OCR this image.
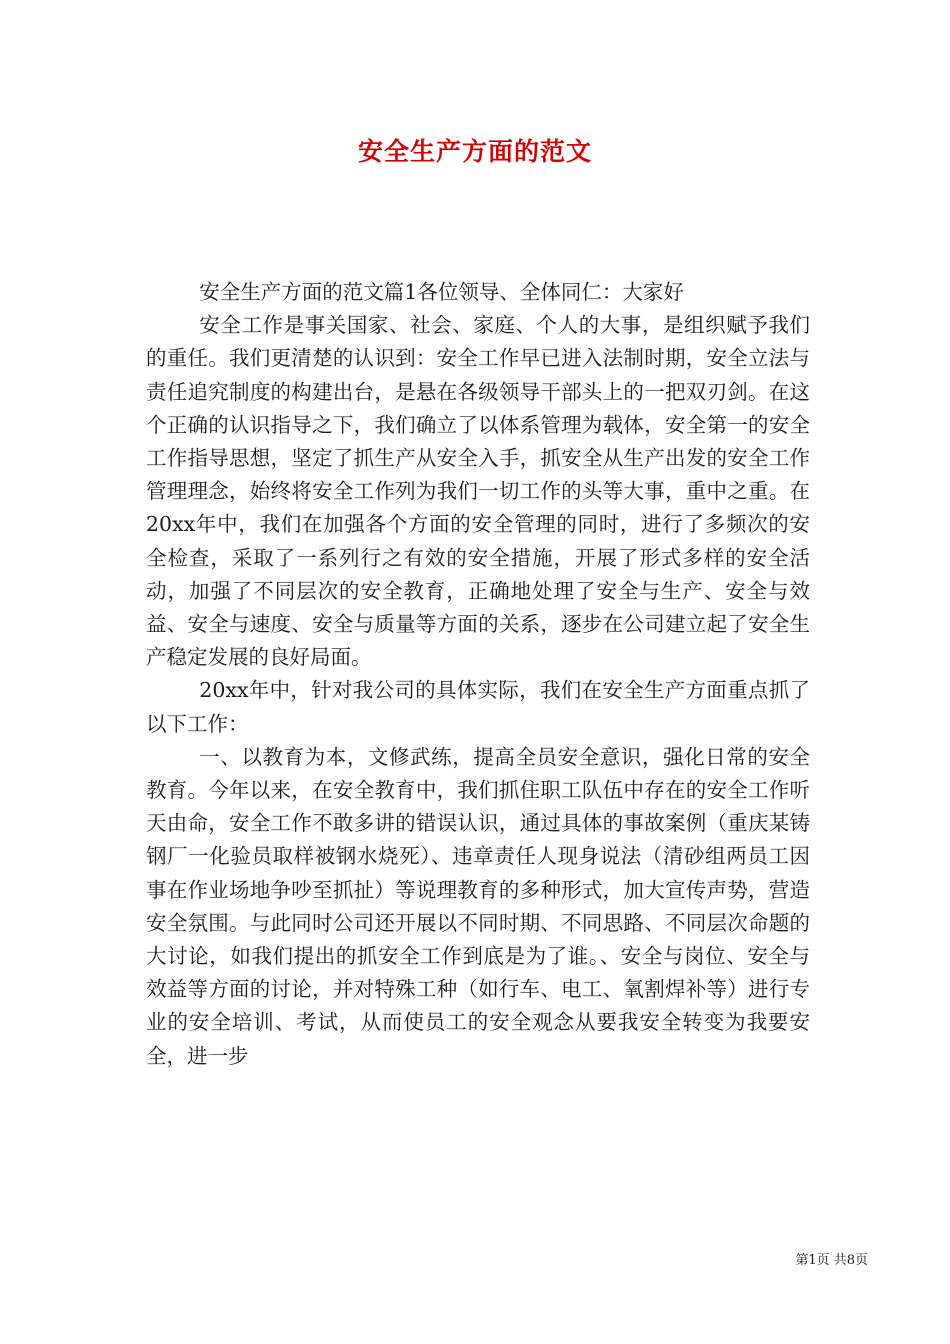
安全生产方面的范文

安全生产方面的范文篇1各位领导、全体同仁：大家好

安全工作是事关国家、社会、家庭、个人的大事，是组织赋予我们的重任。我们更清楚的认识到：安全工作早已进入法制时期，安全立法与责任追究制度的构建出台，是悬在各级领导干部头上的一把双刃剑。在这个正确的认识指导之下，我们确立了以体系管理为载体，安全第一的安全工作指导思想，坚定了抓生产从安全入手，抓安全从生产出发的安全工作管理理念，始终将安全工作列为我们一切工作的头等大事，重中之重。在20xx年中，我们在加强各个方面的安全管理的同时，进行了多频次的安全检查，采取了一系列行之有效的安全措施，开展了形式多样的安全活动，加强了不同层次的安全教育，正确地处理了安全与生产、安全与效益、安全与速度、安全与质量等方面的关系，逐步在公司建立起了安全生产稳定发展的良好局面。

20xx年中，针对我公司的具体实际，我们在安全生产方面重点抓了以下工作：

一、以教育为本，文修武练，提高全员安全意识，强化日常的安全教育。今年以来，在安全教育中，我们抓住职工队伍中存在的安全工作听天由命，安全工作不敢多讲的错误认识，通过具体的事故案例（重庆某铸钢厂一化验员取样被钢水烧死）、违章责任人现身说法（清砂组两员工因事在作业场地争吵至抓扯）等说理教育的多种形式，加大宣传声势，营造安全氛围。与此同时公司还开展以不同时期、不同思路、不同层次命题的大讨论，如我们提出的抓安全工作到底是为了谁。、安全与岗位、安全与效益等方面的讨论，并对特殊工种（如行车、电工、氧割焊补等）进行专业的安全培训、考试，从而使员工的安全观念从要我安全转变为我要安全，进一步

第1页 共8页
